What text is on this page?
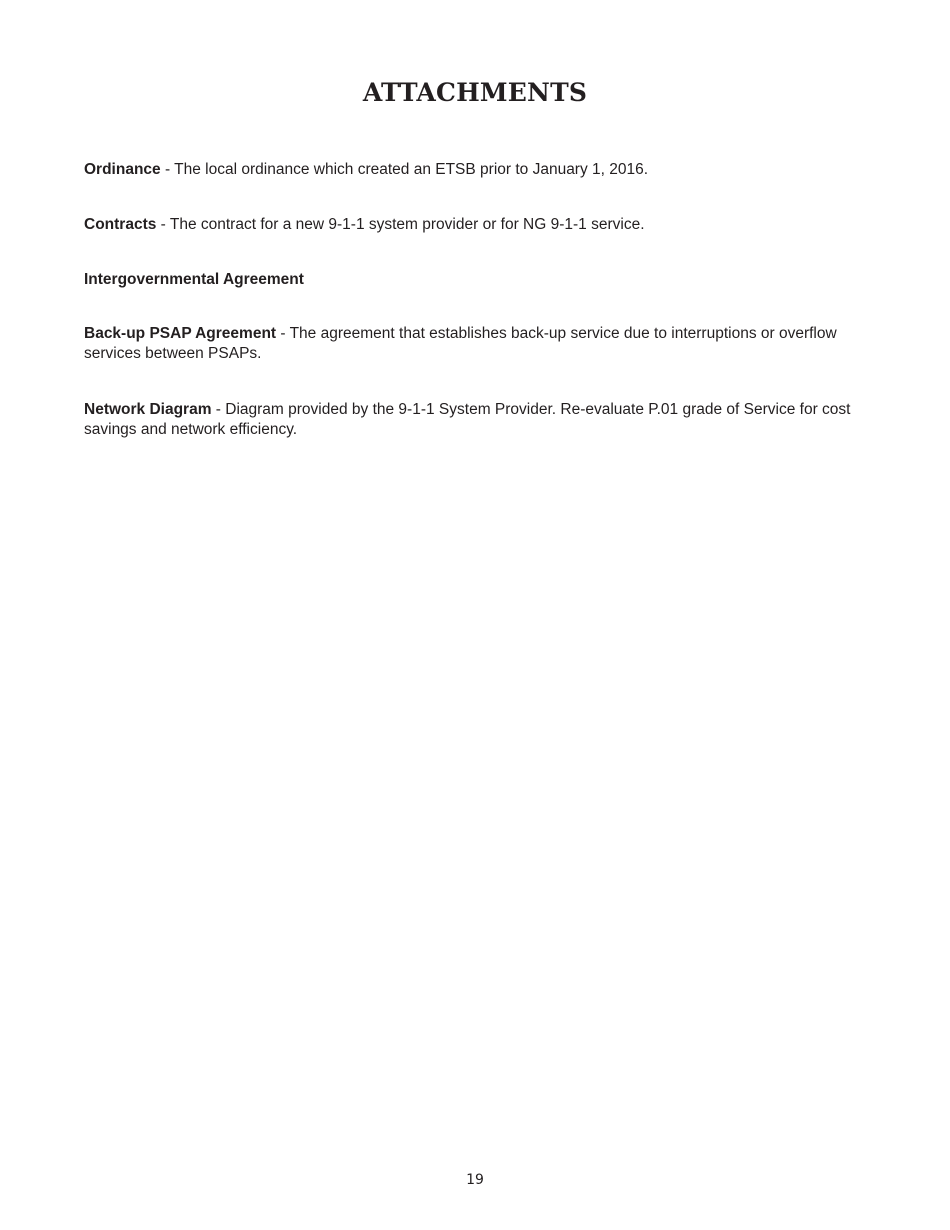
ATTACHMENTS

Ordinance - The local ordinance which created an ETSB prior to January 1, 2016.

Contracts - The contract for a new 9-1-1 system provider or for NG 9-1-1 service.

Intergovernmental Agreement

Back-up PSAP Agreement - The agreement that establishes back-up service due to interruptions or overflow services between PSAPs.

Network Diagram - Diagram provided by the 9-1-1 System Provider. Re-evaluate P.01 grade of Service for cost savings and network efficiency.

19
